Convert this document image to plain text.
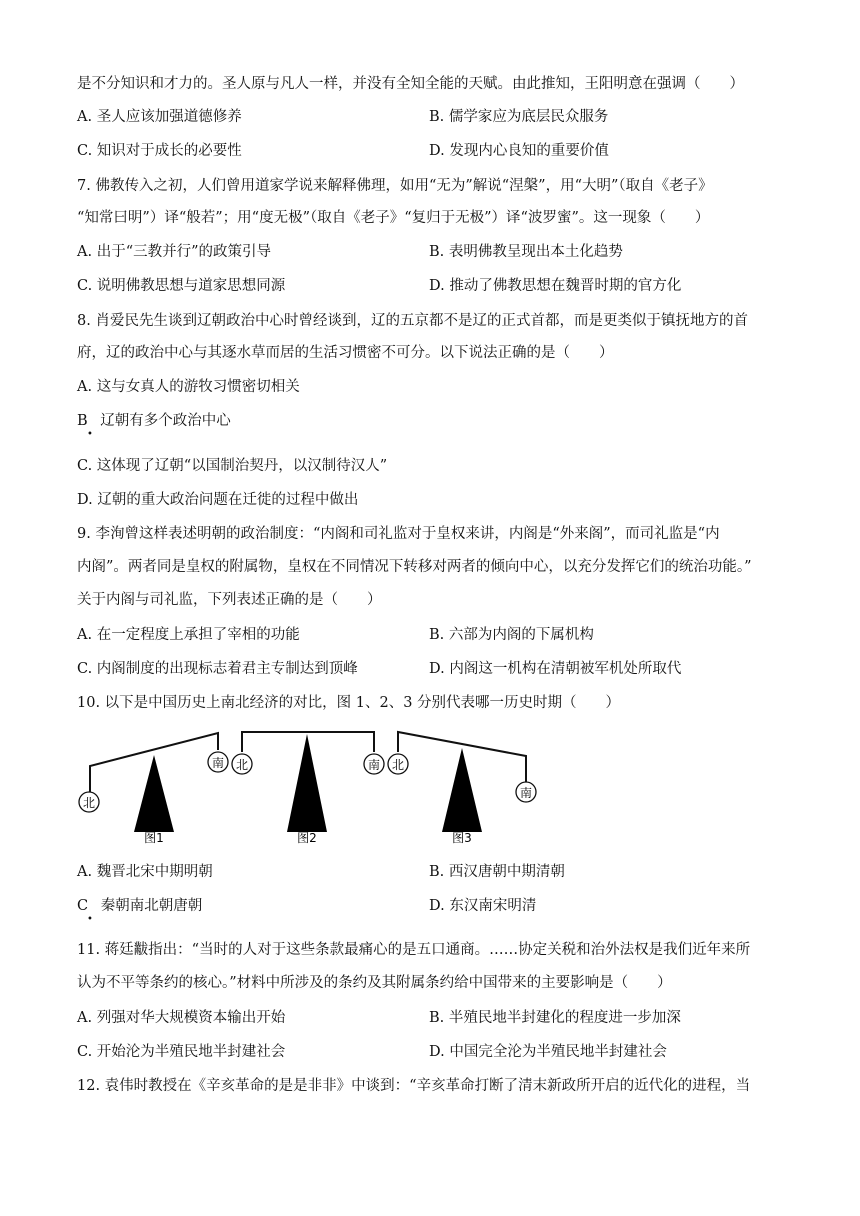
是不分知识和才力的。圣人原与凡人一样，并没有全知全能的天赋。由此推知，王阳明意在强调（　　）
A. 圣人应该加强道德修养	B. 儒学家应为底层民众服务
C. 知识对于成长的必要性	D. 发现内心良知的重要价值
7. 佛教传入之初，人们曾用道家学说来解释佛理，如用“无为”解说“涅槃”，用“大明”（取自《老子》
“知常曰明”）译“般若”；用“度无极”（取自《老子》“复归于无极”）译“波罗蜜”。这一现象（　　）
A. 出于“三教并行”的政策引导	B. 表明佛教呈现出本土化趋势
C. 说明佛教思想与道家思想同源	D. 推动了佛教思想在魏晋时期的官方化
8. 肖爱民先生谈到辽朝政治中心时曾经谈到，辽的五京都不是辽的正式首都，而是更类似于镇抚地方的首
府，辽的政治中心与其逐水草而居的生活习惯密不可分。以下说法正确的是（　　）
A. 这与女真人的游牧习惯密切相关
B 辽朝有多个政治中心
•
C. 这体现了辽朝“以国制治契丹，以汉制待汉人”
D. 辽朝的重大政治问题在迁徙的过程中做出
9. 李洵曾这样表述明朝的政治制度：“内阁和司礼监对于皇权来讲，内阁是“外来阁”，而司礼监是“内
内阁”。两者同是皇权的附属物，皇权在不同情况下转移对两者的倾向中心，以充分发挥它们的统治功能。”
关于内阁与司礼监，下列表述正确的是（　　）
A. 在一定程度上承担了宰相的功能	B. 六部为内阁的下属机构
C. 内阁制度的出现标志着君主专制达到顶峰	D. 内阁这一机构在清朝被军机处所取代
10. 以下是中国历史上南北经济的对比，图 1、2、3 分别代表哪一历史时期（　　）
北
南
图1
北	南
图2
北
南
图3
A. 魏晋北宋中期明朝	B. 西汉唐朝中期清朝
C 秦朝南北朝唐朝
•
D. 东汉南宋明清
11. 蒋廷黻指出：“当时的人对于这些条款最痛心的是五口通商。……协定关税和治外法权是我们近年来所
认为不平等条约的核心。”材料中所涉及的条约及其附属条约给中国带来的主要影响是（　　）
A. 列强对华大规模资本输出开始	B. 半殖民地半封建化的程度进一步加深
C. 开始沦为半殖民地半封建社会	D. 中国完全沦为半殖民地半封建社会
12. 袁伟时教授在《辛亥革命的是是非非》中谈到：“辛亥革命打断了清末新政所开启的近代化的进程，当
